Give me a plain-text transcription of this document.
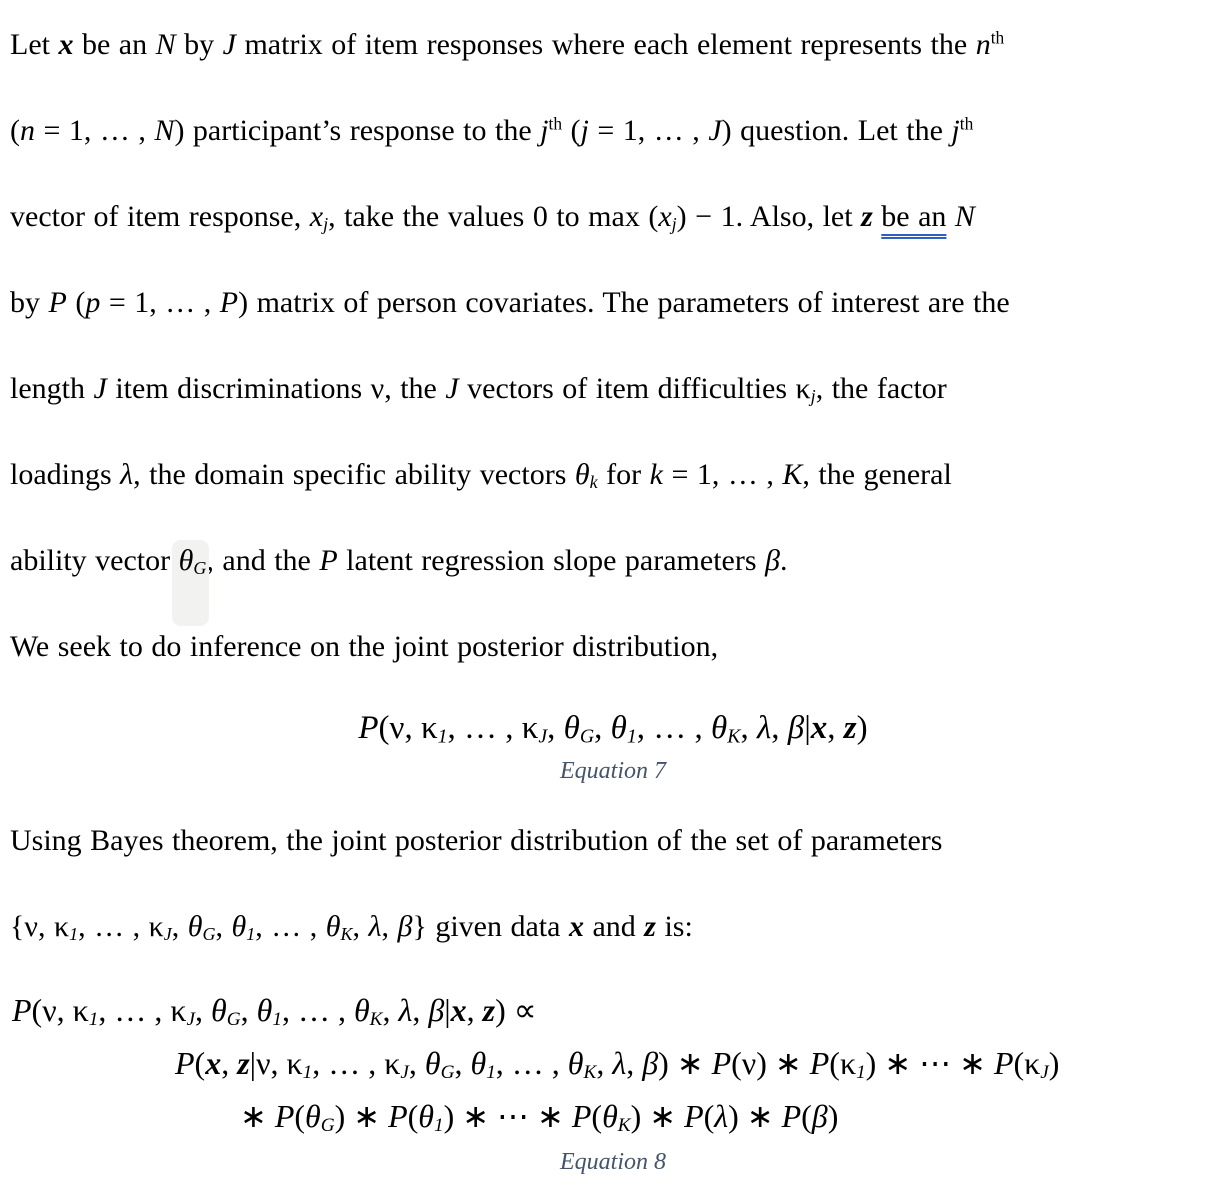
Let x be an N by J matrix of item responses where each element represents the $n^{th}$
(n = 1, … , N) participant’s response to the $j^{th}$ (j = 1, … , J) question. Let the $j^{th}$
vector of item response, $x_j$, take the values 0 to $\max (x_j) - 1$. Also, let z be an N
by P (p = 1, … , P) matrix of person covariates. The parameters of interest are the
length J item discriminations ν, the J vectors of item difficulties $\kappa_j$, the factor
loadings λ, the domain specific ability vectors $\theta_k$ for k = 1, … , K, the general
ability vector $\theta_G$, and the P latent regression slope parameters β.
We seek to do inference on the joint posterior distribution,
P(ν, $\kappa_1$, … , $\kappa_J$, $\theta_G$, $\theta_1$, … , $\theta_K$, λ, β|x, z)
Equation 7
Using Bayes theorem, the joint posterior distribution of the set of parameters
{ν, $\kappa_1$, … , $\kappa_J$, $\theta_G$, $\theta_1$, … , $\theta_K$, λ, β} given data x and z is:
P(ν, $\kappa_1$, … , $\kappa_J$, $\theta_G$, $\theta_1$, … , $\theta_K$, λ, β|x, z) ∝
P(x, z|ν, $\kappa_1$, … , $\kappa_J$, $\theta_G$, $\theta_1$, … , $\theta_K$, λ, β) ∗ P(ν) ∗ $P(\kappa_1)$ ∗ ⋯ ∗ $P(\kappa_J)$
∗ $P(\theta_G)$ ∗ $P(\theta_1)$ ∗ ⋯ ∗ $P(\theta_K)$ ∗ P(λ) ∗ P(β)
Equation 8
